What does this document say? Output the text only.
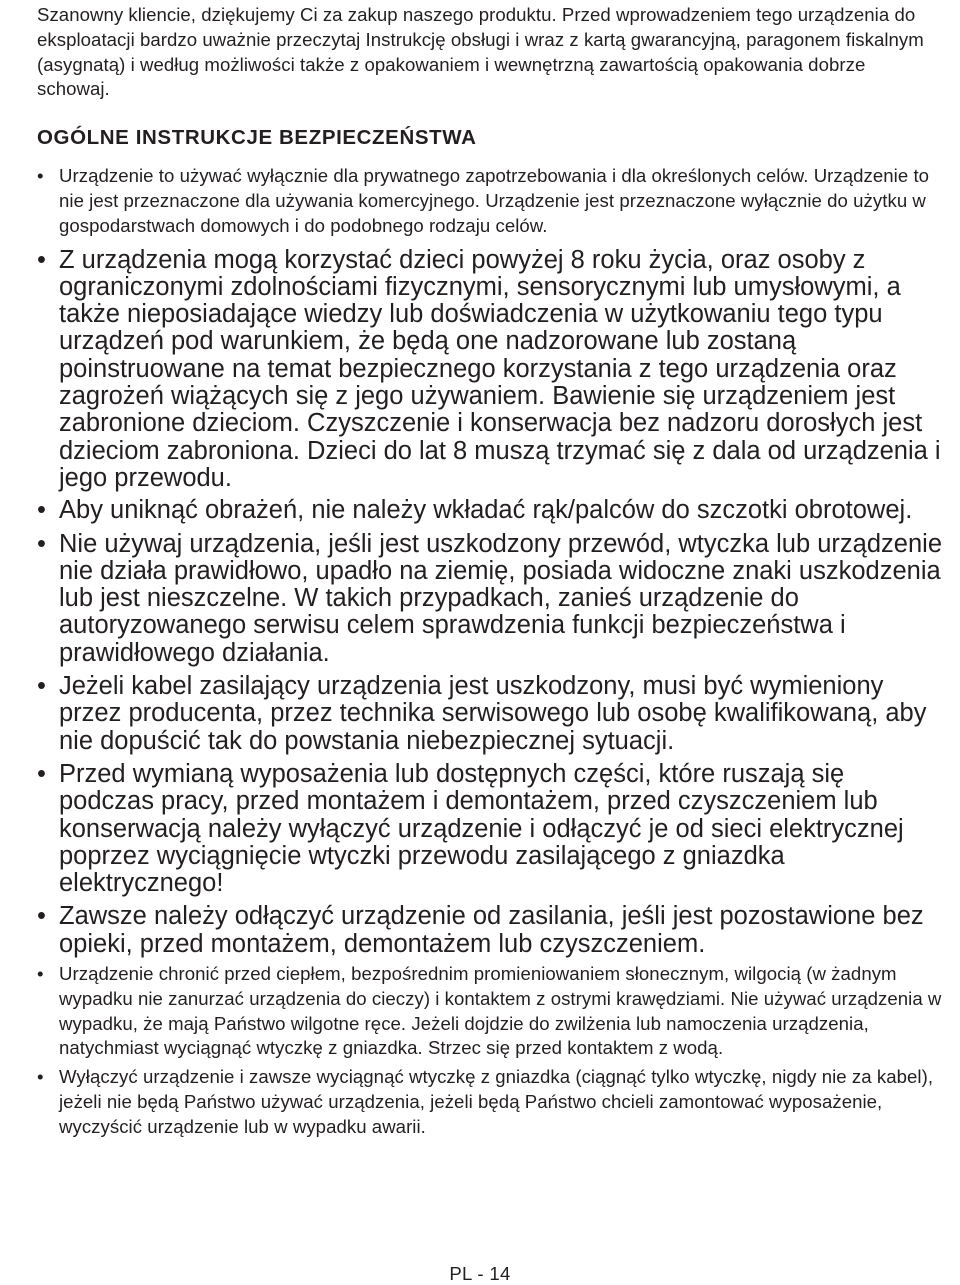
Szanowny kliencie, dziękujemy Ci za zakup naszego produktu. Przed wprowadzeniem tego urządzenia do eksploatacji bardzo uważnie przeczytaj Instrukcję obsługi i wraz z kartą gwarancyjną, paragonem fiskalnym (asygnatą) i według możliwości także z opakowaniem i wewnętrzną zawartością opakowania dobrze schowaj.

OGÓLNE INSTRUKCJE BEZPIECZEŃSTWA
• Urządzenie to używać wyłącznie dla prywatnego zapotrzebowania i dla określonych celów. Urządzenie to nie jest przeznaczone dla używania komercyjnego. Urządzenie jest przeznaczone wyłącznie do użytku w gospodarstwach domowych i do podobnego rodzaju celów.
• Z urządzenia mogą korzystać dzieci powyżej 8 roku życia, oraz osoby z ograniczonymi zdolnościami fizycznymi, sensorycznymi lub umysłowymi, a także nieposiadające wiedzy lub doświadczenia w użytkowaniu tego typu urządzeń pod warunkiem, że będą one nadzorowane lub zostaną poinstruowane na temat bezpiecznego korzystania z tego urządzenia oraz zagrożeń wiążących się z jego używaniem. Bawienie się urządzeniem jest zabronione dzieciom. Czyszczenie i konserwacja bez nadzoru dorosłych jest dzieciom zabroniona. Dzieci do lat 8 muszą trzymać się z dala od urządzenia i jego przewodu.
• Aby uniknąć obrażeń, nie należy wkładać rąk/palców do szczotki obrotowej.
• Nie używaj urządzenia, jeśli jest uszkodzony przewód, wtyczka lub urządzenie nie działa prawidłowo, upadło na ziemię, posiada widoczne znaki uszkodzenia lub jest nieszczelne. W takich przypadkach, zanieś urządzenie do autoryzowanego serwisu celem sprawdzenia funkcji bezpieczeństwa i prawidłowego działania.
• Jeżeli kabel zasilający urządzenia jest uszkodzony, musi być wymieniony przez producenta, przez technika serwisowego lub osobę kwalifikowaną, aby nie dopuścić tak do powstania niebezpiecznej sytuacji.
• Przed wymianą wyposażenia lub dostępnych części, które ruszają się podczas pracy, przed montażem i demontażem, przed czyszczeniem lub konserwacją należy wyłączyć urządzenie i odłączyć je od sieci elektrycznej poprzez wyciągnięcie wtyczki przewodu zasilającego z gniazdka elektrycznego!
• Zawsze należy odłączyć urządzenie od zasilania, jeśli jest pozostawione bez opieki, przed montażem, demontażem lub czyszczeniem.
• Urządzenie chronić przed ciepłem, bezpośrednim promieniowaniem słonecznym, wilgocią (w żadnym wypadku nie zanurzać urządzenia do cieczy) i kontaktem z ostrymi krawędziami. Nie używać urządzenia w wypadku, że mają Państwo wilgotne ręce. Jeżeli dojdzie do zwilżenia lub namoczenia urządzenia, natychmiast wyciągnąć wtyczkę z gniazdka. Strzec się przed kontaktem z wodą.
• Wyłączyć urządzenie i zawsze wyciągnąć wtyczkę z gniazdka (ciągnąć tylko wtyczkę, nigdy nie za kabel), jeżeli nie będą Państwo używać urządzenia, jeżeli będą Państwo chcieli zamontować wyposażenie, wyczyścić urządzenie lub w wypadku awarii.
PL - 14
